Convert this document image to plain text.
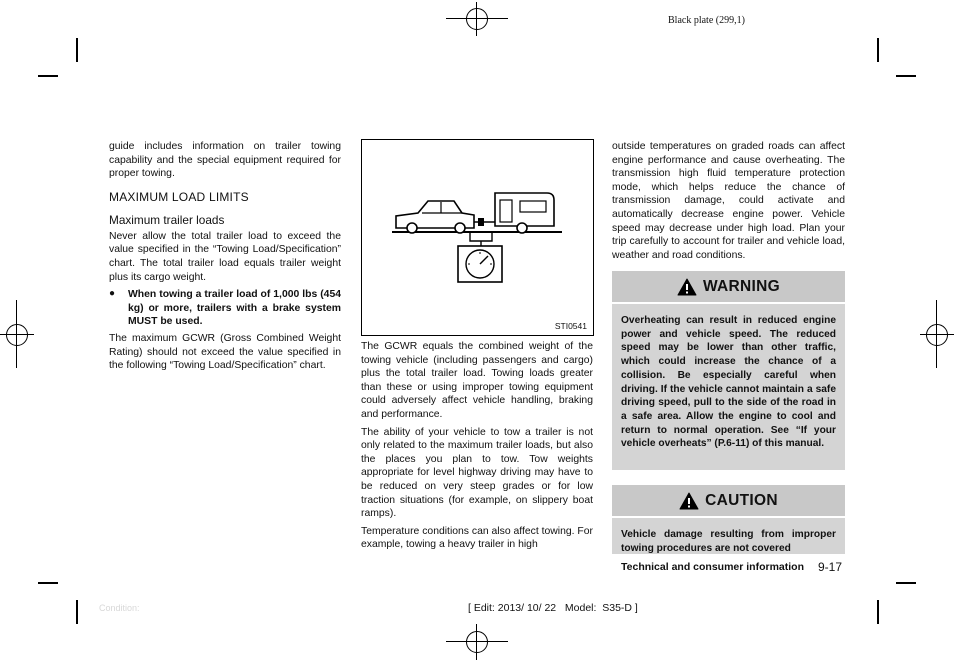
Black plate (299,1)

guide includes information on trailer towing capability and the special equipment required for proper towing.

MAXIMUM LOAD LIMITS
Maximum trailer loads

Never allow the total trailer load to exceed the value specified in the “Towing Load/Specification” chart. The total trailer load equals trailer weight plus its cargo weight.

●	When towing a trailer load of 1,000 lbs (454 kg) or more, trailers with a brake system MUST be used.

The maximum GCWR (Gross Combined Weight Rating) should not exceed the value specified in the following “Towing Load/Specification” chart.

STI0541

The GCWR equals the combined weight of the towing vehicle (including passengers and cargo) plus the total trailer load. Towing loads greater than these or using improper towing equipment could adversely affect vehicle handling, braking and performance.

The ability of your vehicle to tow a trailer is not only related to the maximum trailer loads, but also the places you plan to tow. Tow weights appropriate for level highway driving may have to be reduced on very steep grades or for low traction situations (for example, on slippery boat ramps).

Temperature conditions can also affect towing. For example, towing a heavy trailer in high

outside temperatures on graded roads can affect engine performance and cause overheating. The transmission high fluid temperature protection mode, which helps reduce the chance of transmission damage, could activate and automatically decrease engine power. Vehicle speed may decrease under high load. Plan your trip carefully to account for trailer and vehicle load, weather and road conditions.

WARNING

Overheating can result in reduced engine power and vehicle speed. The reduced speed may be lower than other traffic, which could increase the chance of a collision. Be especially careful when driving. If the vehicle cannot maintain a safe driving speed, pull to the side of the road in a safe area. Allow the engine to cool and return to normal operation. See “If your vehicle overheats” (P.6-11) of this manual.

CAUTION

Vehicle damage resulting from improper towing procedures are not covered

Technical and consumer information 9-17
Condition:	[ Edit: 2013/ 10/ 22   Model:  S35-D ]
